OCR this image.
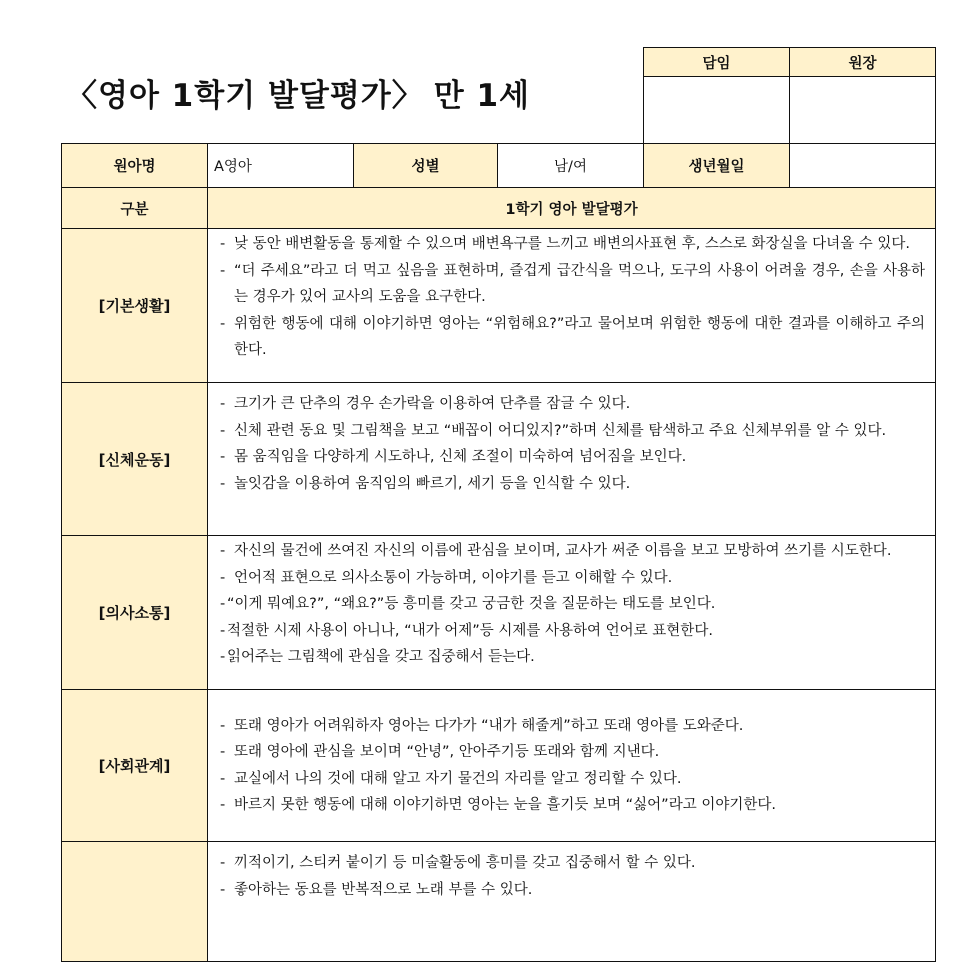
〈영아 1학기 발달평가〉 만 1세
담임	원장

원아명	A영아	성별	남/여	생년월일	
구분	1학기 영아 발달평가				
[기본생활]	
- 낮 동안 배변활동을 통제할 수 있으며 배변욕구를 느끼고 배변의사표현 후, 스스로 화장실을 다녀올 수 있다.
- “더 주세요”라고 더 먹고 싶음을 표현하며, 즐겁게 급간식을 먹으나, 도구의 사용이 어려울 경우, 손을 사용하는 경우가 있어 교사의 도움을 요구한다.
- 위험한 행동에 대해 이야기하면 영아는 “위험해요?”라고 물어보며 위험한 행동에 대한 결과를 이해하고 주의한다.

[신체운동]	
- 크기가 큰 단추의 경우 손가락을 이용하여 단추를 잠글 수 있다.
- 신체 관련 동요 및 그림책을 보고 “배꼽이 어디있지?”하며 신체를 탐색하고 주요 신체부위를 알 수 있다.
- 몸 움직임을 다양하게 시도하나, 신체 조절이 미숙하여 넘어짐을 보인다.
- 놀잇감을 이용하여 움직임의 빠르기, 세기 등을 인식할 수 있다.

[의사소통]	
- 자신의 물건에 쓰여진 자신의 이름에 관심을 보이며, 교사가 써준 이름을 보고 모방하여 쓰기를 시도한다.
- 언어적 표현으로 의사소통이 가능하며, 이야기를 듣고 이해할 수 있다.
- “이게 뭐예요?”, “왜요?”등 흥미를 갖고 궁금한 것을 질문하는 태도를 보인다.
- 적절한 시제 사용이 아니나, “내가 어제”등 시제를 사용하여 언어로 표현한다.
- 읽어주는 그림책에 관심을 갖고 집중해서 듣는다.

[사회관계]	
- 또래 영아가 어려워하자 영아는 다가가 “내가 해줄게”하고 또래 영아를 도와준다.
- 또래 영아에 관심을 보이며 “안녕”, 안아주기등 또래와 함께 지낸다.
- 교실에서 나의 것에 대해 알고 자기 물건의 자리를 알고 정리할 수 있다.
- 바르지 못한 행동에 대해 이야기하면 영아는 눈을 흘기듯 보며 “싫어”라고 이야기한다.

	- 끼적이기, 스티커 붙이기 등 미술활동에 흥미를 갖고 집중해서 할 수 있다.
- 좋아하는 동요를 반복적으로 노래 부를 수 있다.				
